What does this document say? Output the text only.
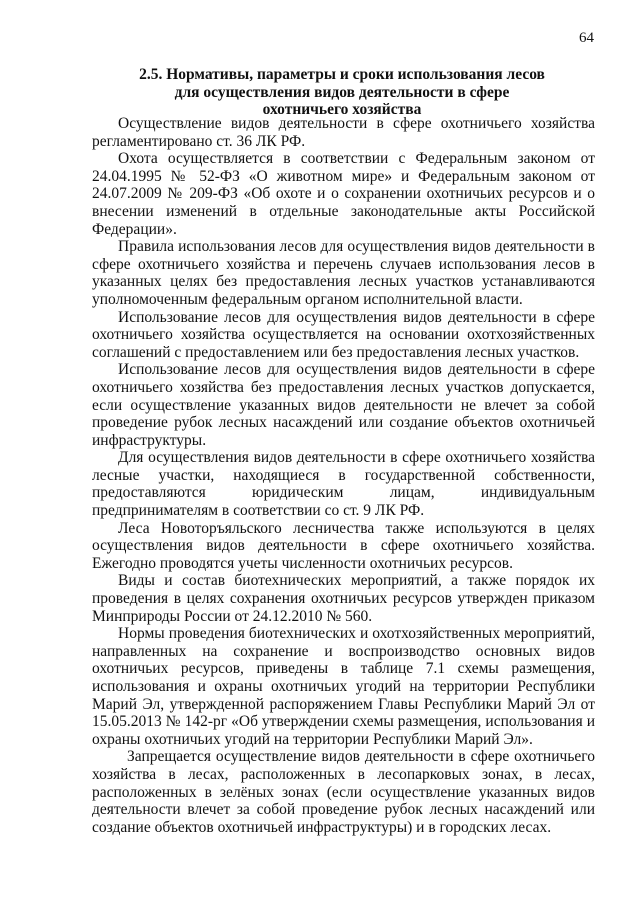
64
2.5. Нормативы, параметры и сроки использования лесов
для осуществления видов деятельности в сфере
охотничьего хозяйства

Осуществление видов деятельности в сфере охотничьего хозяйства регламентировано ст. 36 ЛК РФ.

Охота осуществляется в соответствии с Федеральным законом от 24.04.1995 № 52-ФЗ «О животном мире» и Федеральным законом от 24.07.2009 № 209-ФЗ «Об охоте и о сохранении охотничьих ресурсов и о внесении изменений в отдельные законодательные акты Российской Федерации».

Правила использования лесов для осуществления видов деятельности в сфере охотничьего хозяйства и перечень случаев использования лесов в указанных целях без предоставления лесных участков устанавливаются уполномоченным федеральным органом исполнительной власти.

Использование лесов для осуществления видов деятельности в сфере охотничьего хозяйства осуществляется на основании охотхозяйственных соглашений с предоставлением или без предоставления лесных участков.

Использование лесов для осуществления видов деятельности в сфере охотничьего хозяйства без предоставления лесных участков допускается, если осуществление указанных видов деятельности не влечет за собой проведение рубок лесных насаждений или создание объектов охотничьей инфраструктуры.

Для осуществления видов деятельности в сфере охотничьего хозяйства лесные участки, находящиеся в государственной собственности, предоставляются юридическим лицам, индивидуальным предпринимателям в соответствии со ст. 9 ЛК РФ.

Леса Новоторъяльского лесничества также используются в целях осуществления видов деятельности в сфере охотничьего хозяйства. Ежегодно проводятся учеты численности охотничьих ресурсов.

Виды и состав биотехнических мероприятий, а также порядок их проведения в целях сохранения охотничьих ресурсов утвержден приказом Минприроды России от 24.12.2010 № 560.

Нормы проведения биотехнических и охотхозяйственных мероприятий, направленных на сохранение и воспроизводство основных видов охотничьих ресурсов, приведены в таблице 7.1 схемы размещения, использования и охраны охотничьих угодий на территории Республики Марий Эл, утвержденной распоряжением Главы Республики Марий Эл от 15.05.2013 № 142-рг «Об утверждении схемы размещения, использования и охраны охотничьих угодий на территории Республики Марий Эл».

Запрещается осуществление видов деятельности в сфере охотничьего хозяйства в лесах, расположенных в лесопарковых зонах, в лесах, расположенных в зелёных зонах (если осуществление указанных видов деятельности влечет за собой проведение рубок лесных насаждений или создание объектов охотничьей инфраструктуры) и в городских лесах.
